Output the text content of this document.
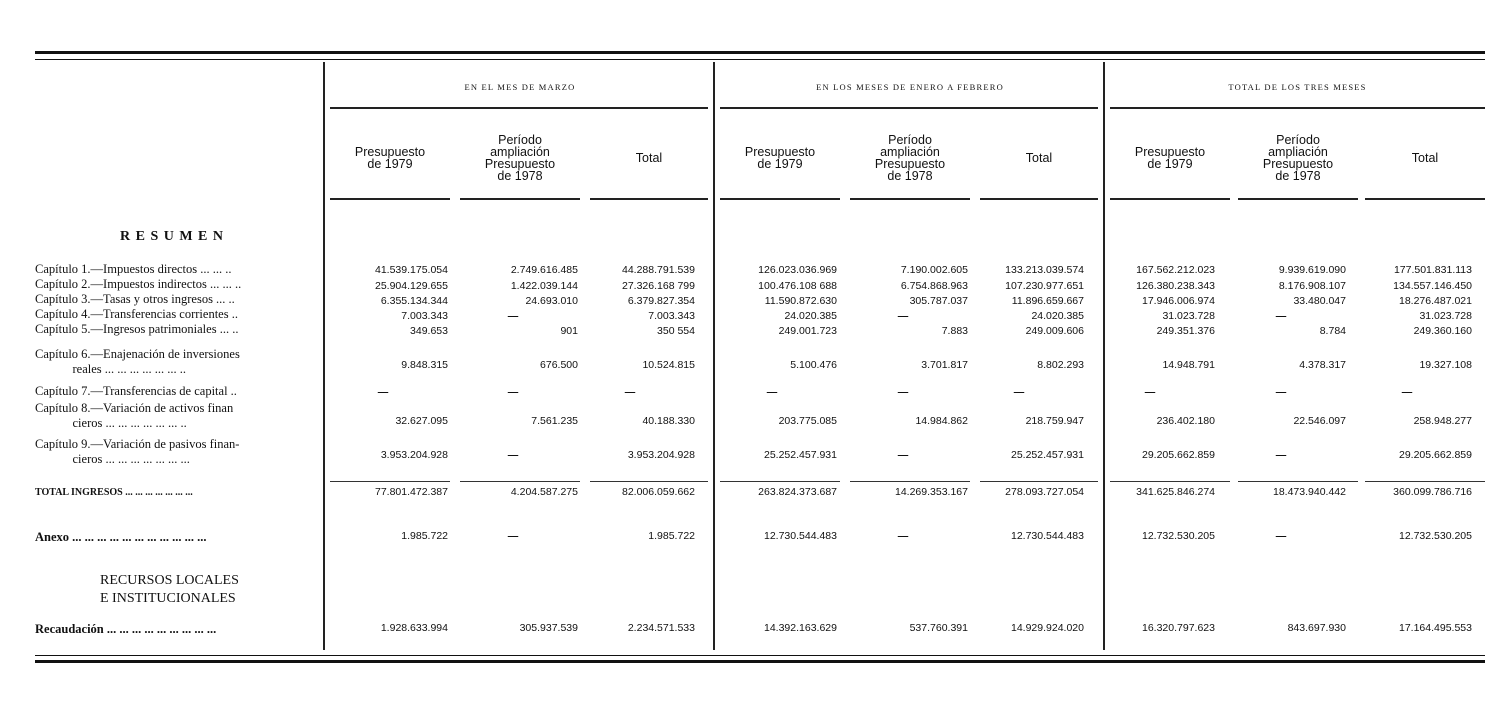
EN EL MES DE MARZO	EN LOS MESES DE ENERO A FEBRERO	TOTAL DE LOS TRES MESES
Presupuesto
de 1979
Período
ampliación
Presupuesto
de 1978
Total	Presupuesto
de 1979
Período
ampliación
Presupuesto
de 1978
Total	Presupuesto
de 1979
Período
ampliación
Presupuesto
de 1978
Total
R E S U M E N
RECURSOS LOCALES
E INSTITUCIONALES
Capítulo 1.—Impuestos directos ... ... ..	41.539.175.054	2.749.616.485	44.288.791.539	126.023.036.969	7.190.002.605	133.213.039.574	167.562.212.023	9.939.619.090	177.501.831.113
Capítulo 2.—Impuestos indirectos ... ... ..	25.904.129.655	1.422.039.144	27.326.168 799	100.476.108 688	6.754.868.963	107.230.977.651	126.380.238.343	8.176.908.107	134.557.146.450
Capítulo 3.—Tasas y otros ingresos ... ..	6.355.134.344	24.693.010	6.379.827.354	11.590.872.630	305.787.037	11.896.659.667	17.946.006.974	33.480.047	18.276.487.021
Capítulo 4.—Transferencias corrientes ..	7.003.343	—	7.003.343	24.020.385	—	24.020.385	31.023.728	—	31.023.728
Capítulo 5.—Ingresos patrimoniales ... ..	349.653	901	350 554	249.001.723	7.883	249.009.606	249.351.376	8.784	249.360.160
Capítulo 6.—Enajenación de inversiones
reales ... ... ... ... ... ... ..	9.848.315	676.500	10.524.815	5.100.476	3.701.817	8.802.293	14.948.791	4.378.317	19.327.108
Capítulo 7.—Transferencias de capital ..	—	—	—	—	—	—	—	—	—
Capítulo 8.—Variación de activos finan
cieros ... ... ... ... ... ... ..	32.627.095	7.561.235	40.188.330	203.775.085	14.984.862	218.759.947	236.402.180	22.546.097	258.948.277
Capítulo 9.—Variación de pasivos finan-
cieros ... ... ... ... ... ... ...	3.953.204.928	—	3.953.204.928	25.252.457.931	—	25.252.457.931	29.205.662.859	—	29.205.662.859
TOTAL INGRESOS ... ... ... ... ... ... ...	77.801.472.387	4.204.587.275	82.006.059.662	263.824.373.687	14.269.353.167	278.093.727.054	341.625.846.274	18.473.940.442	360.099.786.716
Anexo ... ... ... ... ... ... ... ... ... ... ...	1.985.722	—	1.985.722	12.730.544.483	—	12.730.544.483	12.732.530.205	—	12.732.530.205
Recaudación ... ... ... ... ... ... ... ... ...	1.928.633.994	305.937.539	2.234.571.533	14.392.163.629	537.760.391	14.929.924.020	16.320.797.623	843.697.930	17.164.495.553
